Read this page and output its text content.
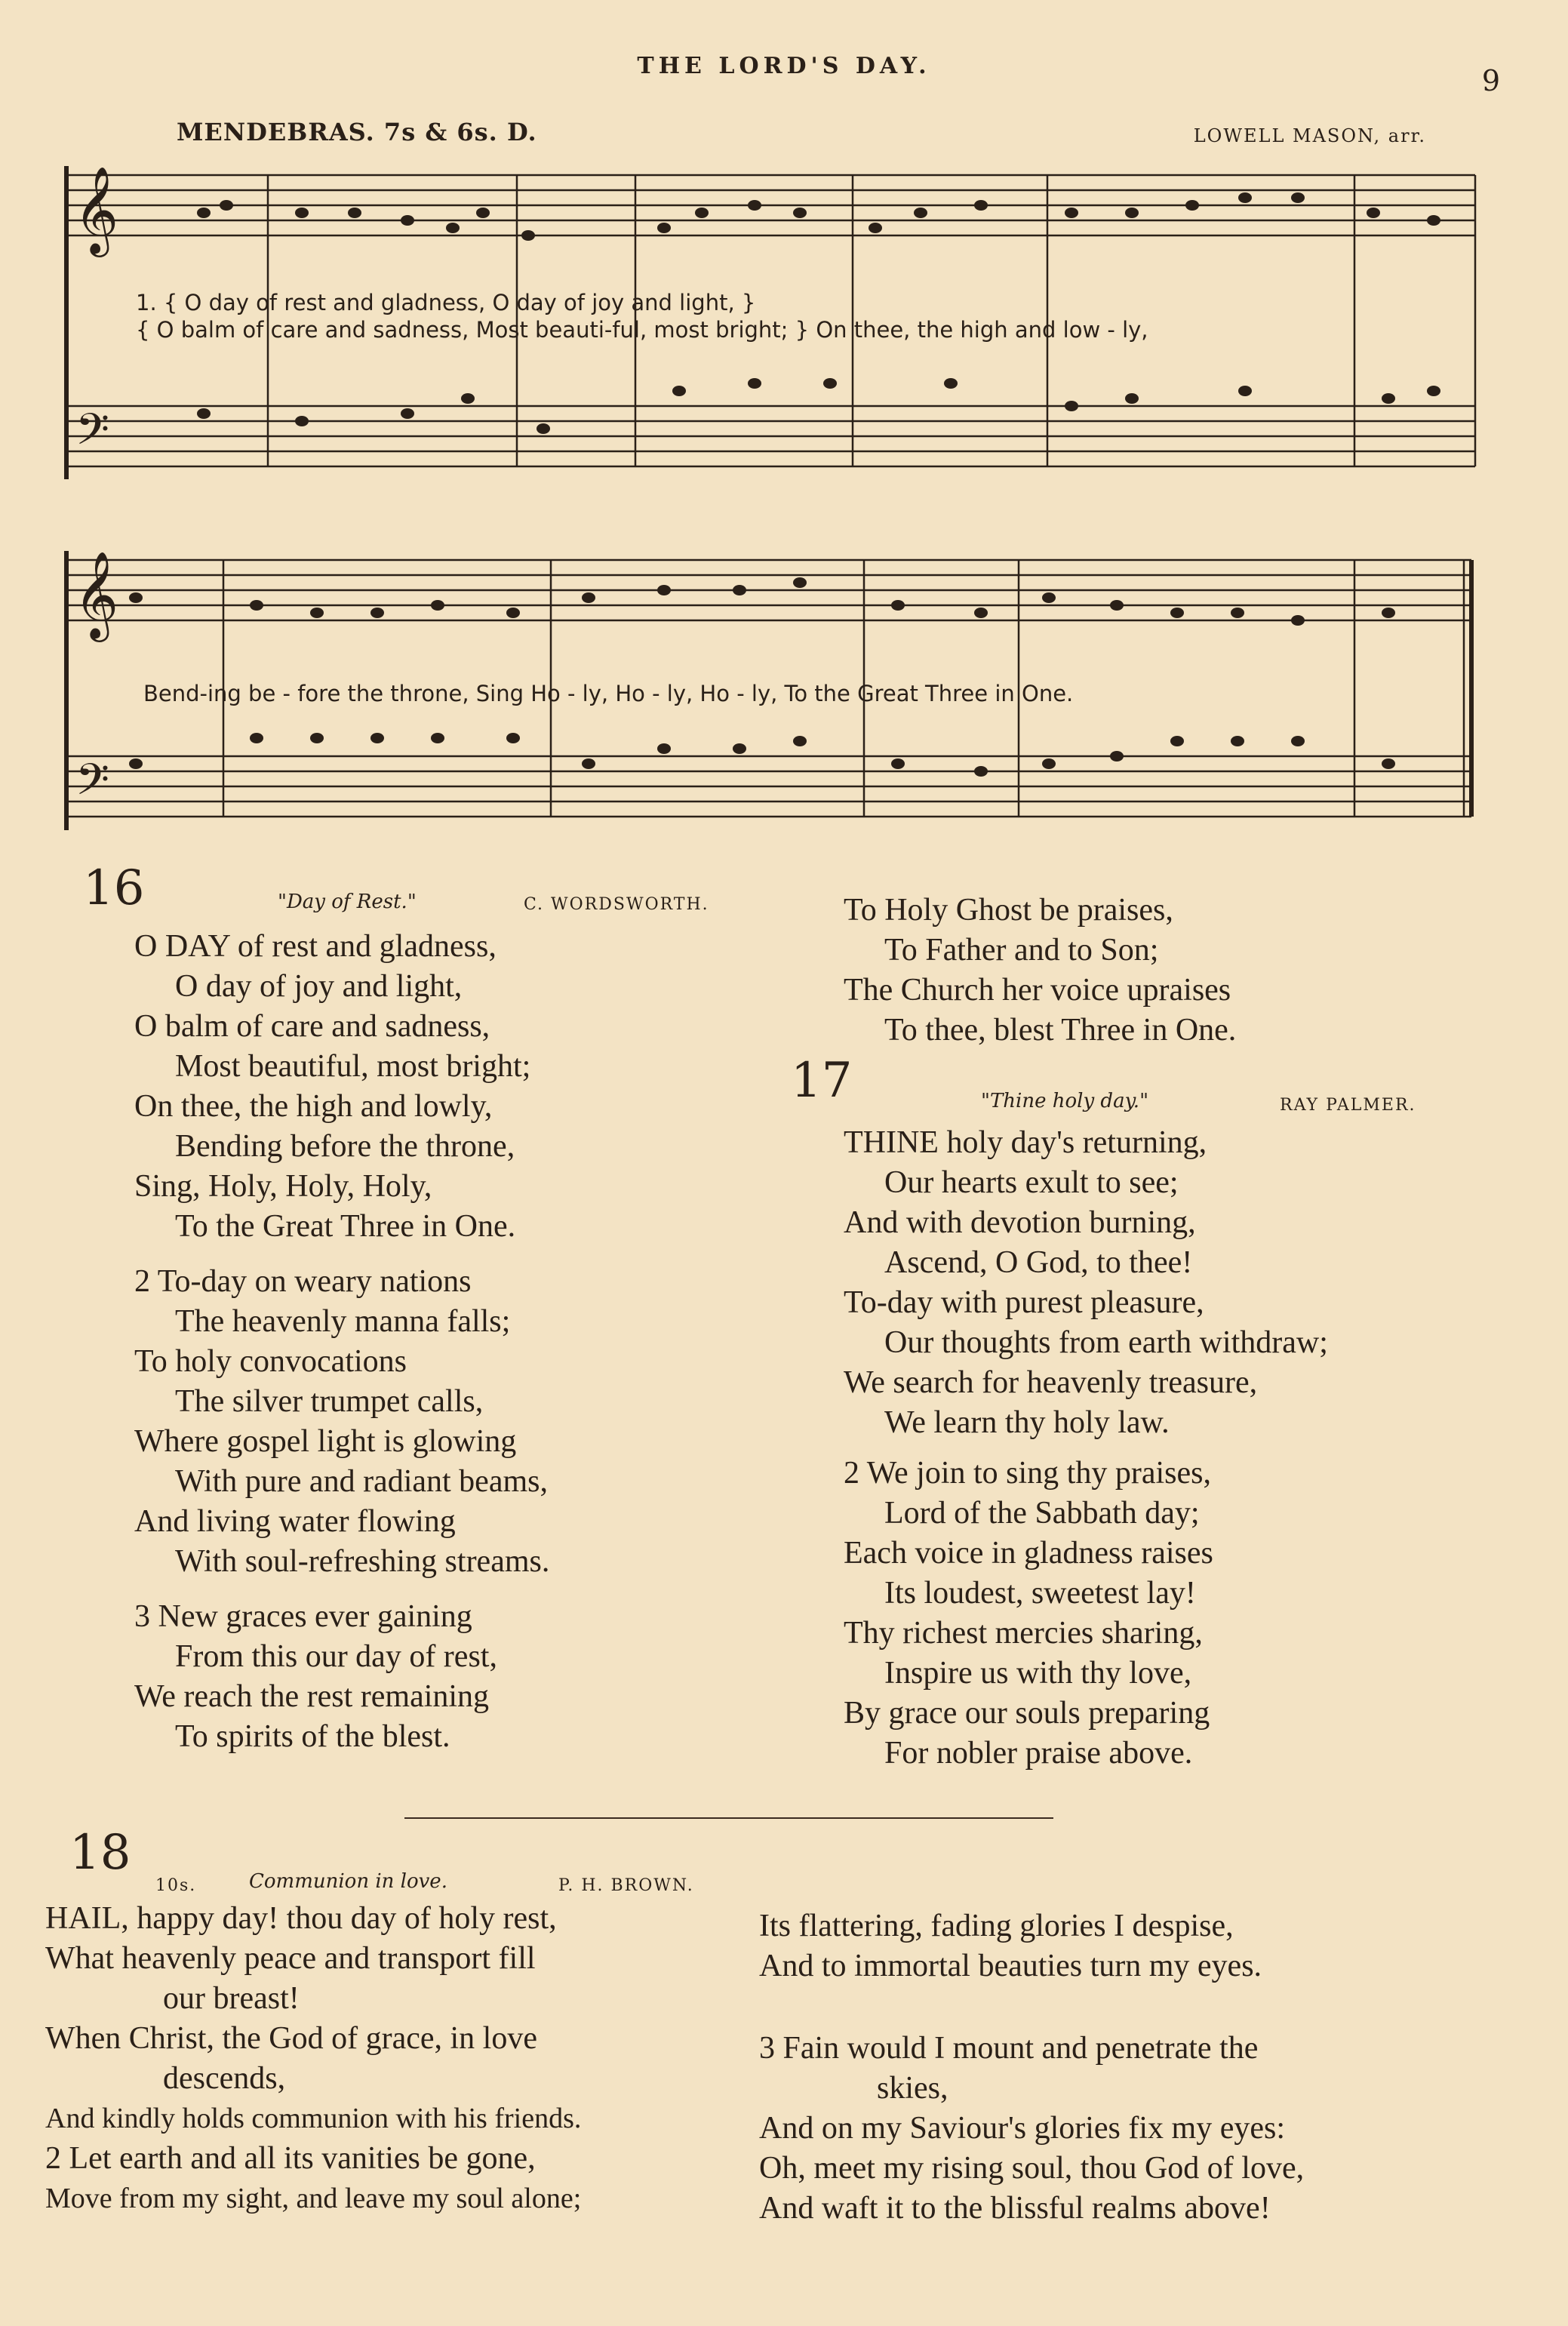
THE LORD'S DAY.	9
MENDEBRAS. 7s & 6s. D.	LOWELL MASON, arr.
𝄞
𝄢
𝄞
𝄢
1. { O day of rest and gladness, O day of joy and light, }
{ O balm of care and sadness, Most beauti-ful, most bright; } On thee, the high and low - ly,
Bend-ing be - fore the throne, Sing Ho - ly, Ho - ly, Ho - ly, To the Great Three in One.
16	"Day of Rest."	C. WORDSWORTH.
O DAY of rest and gladness,
O day of joy and light,
O balm of care and sadness,
Most beautiful, most bright;
On thee, the high and lowly,
Bending before the throne,
Sing, Holy, Holy, Holy,
To the Great Three in One.
2 To-day on weary nations
The heavenly manna falls;
To holy convocations
The silver trumpet calls,
Where gospel light is glowing
With pure and radiant beams,
And living water flowing
With soul-refreshing streams.
3 New graces ever gaining
From this our day of rest,
We reach the rest remaining
To spirits of the blest.
To Holy Ghost be praises,
To Father and to Son;
The Church her voice upraises
To thee, blest Three in One.
17	"Thine holy day."	RAY PALMER.
THINE holy day's returning,
Our hearts exult to see;
And with devotion burning,
Ascend, O God, to thee!
To-day with purest pleasure,
Our thoughts from earth withdraw;
We search for heavenly treasure,
We learn thy holy law.
2 We join to sing thy praises,
Lord of the Sabbath day;
Each voice in gladness raises
Its loudest, sweetest lay!
Thy richest mercies sharing,
Inspire us with thy love,
By grace our souls preparing
For nobler praise above.
18
10s.	Communion in love.	P. H. BROWN.
HAIL, happy day! thou day of holy rest,
What heavenly peace and transport fill
our breast!
When Christ, the God of grace, in love
descends,
And kindly holds communion with his friends.
2 Let earth and all its vanities be gone,
Move from my sight, and leave my soul alone;
Its flattering, fading glories I despise,
And to immortal beauties turn my eyes.
3 Fain would I mount and penetrate the
skies,
And on my Saviour's glories fix my eyes:
Oh, meet my rising soul, thou God of love,
And waft it to the blissful realms above!
